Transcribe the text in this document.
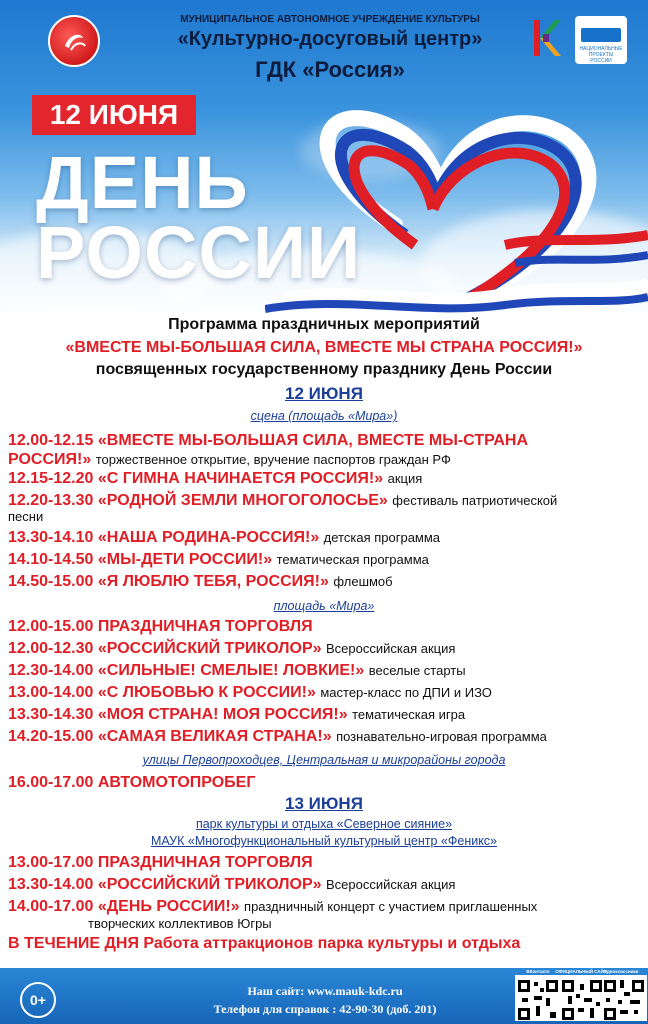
МУНИЦИПАЛЬНОЕ АВТОНОМНОЕ УЧРЕЖДЕНИЕ КУЛЬТУРЫ
«Культурно-досуговый центр»
ГДК «Россия»
НАЦИОНАЛЬНЫЕ ПРОЕКТЫ РОССИИ
12 ИЮНЯ
ДЕНЬ
РОССИИ
Программа праздничных мероприятий
«ВМЕСТЕ МЫ-БОЛЬШАЯ СИЛА, ВМЕСТЕ МЫ СТРАНА РОССИЯ!»
посвященных государственному празднику День России
12 ИЮНЯ
сцена (площадь «Мира»)
12.00-12.15 «ВМЕСТЕ МЫ-БОЛЬШАЯ СИЛА, ВМЕСТЕ МЫ-СТРАНА
РОССИЯ!» торжественное открытие, вручение паспортов граждан РФ
12.15-12.20 «С ГИМНА НАЧИНАЕТСЯ РОССИЯ!» акция
12.20-13.30 «РОДНОЙ ЗЕМЛИ МНОГОГОЛОСЬЕ» фестиваль патриотической
песни
13.30-14.10 «НАША РОДИНА-РОССИЯ!» детская программа
14.10-14.50 «МЫ-ДЕТИ РОССИИ!» тематическая программа
14.50-15.00 «Я ЛЮБЛЮ ТЕБЯ, РОССИЯ!» флешмоб
площадь «Мира»
12.00-15.00 ПРАЗДНИЧНАЯ ТОРГОВЛЯ
12.00-12.30 «РОССИЙСКИЙ ТРИКОЛОР» Всероссийская акция
12.30-14.00 «СИЛЬНЫЕ! СМЕЛЫЕ! ЛОВКИЕ!» веселые старты
13.00-14.00 «С ЛЮБОВЬЮ К РОССИИ!» мастер-класс по ДПИ и ИЗО
13.30-14.30 «МОЯ СТРАНА! МОЯ РОССИЯ!» тематическая игра
14.20-15.00 «САМАЯ ВЕЛИКАЯ СТРАНА!» познавательно-игровая программа
улицы Первопроходцев, Центральная и микрорайоны города
16.00-17.00 АВТОМОТОПРОБЕГ
13 ИЮНЯ
парк культуры и отдыха «Северное сияние»
МАУК «Многофункциональный культурный центр «Феникс»
13.00-17.00 ПРАЗДНИЧНАЯ ТОРГОВЛЯ
13.30-14.00 «РОССИЙСКИЙ ТРИКОЛОР» Всероссийская акция
14.00-17.00 «ДЕНЬ РОССИИ!» праздничный концерт с участием приглашенных
творческих коллективов Югры
В ТЕЧЕНИЕ ДНЯ Работа аттракционов парка культуры и отдыха
0+
Наш сайт: www.mauk-kdc.ru
Телефон для справок : 42-90-30 (доб. 201)
ВКонтакте	ОФИЦИАЛЬНЫЙ САЙТ
Одноклассники
